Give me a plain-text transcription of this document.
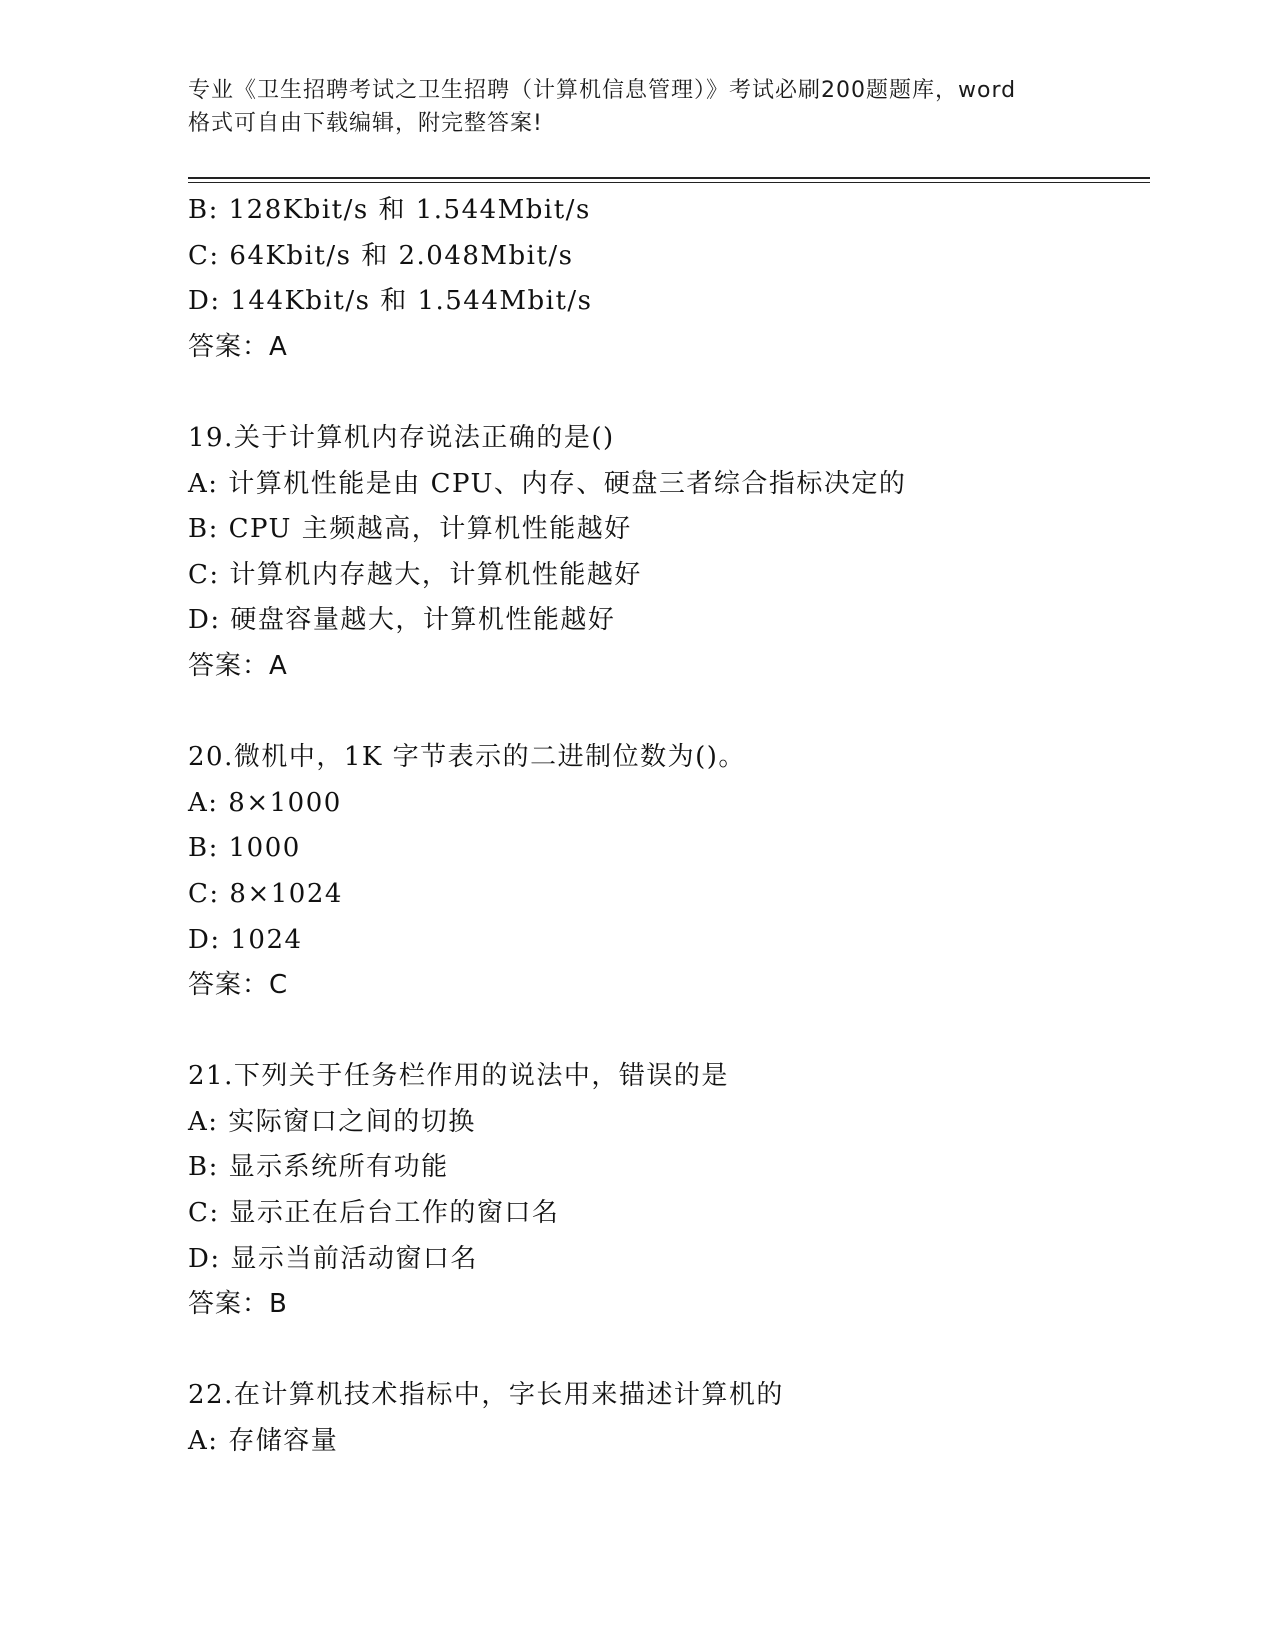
专业《卫生招聘考试之卫生招聘（计算机信息管理）》考试必刷200题题库，word
格式可自由下载编辑，附完整答案!
B: 128Kbit/s 和 1.544Mbit/s
C: 64Kbit/s 和 2.048Mbit/s
D: 144Kbit/s 和 1.544Mbit/s
答案：A
19.关于计算机内存说法正确的是()
A: 计算机性能是由 CPU、内存、硬盘三者综合指标决定的
B: CPU 主频越高，计算机性能越好
C: 计算机内存越大，计算机性能越好
D: 硬盘容量越大，计算机性能越好
答案：A
20.微机中，1K 字节表示的二进制位数为()。
A: 8×1000
B: 1000
C: 8×1024
D: 1024
答案：C
21.下列关于任务栏作用的说法中，错误的是
A: 实际窗口之间的切换
B: 显示系统所有功能
C: 显示正在后台工作的窗口名
D: 显示当前活动窗口名
答案：B
22.在计算机技术指标中，字长用来描述计算机的
A: 存储容量
